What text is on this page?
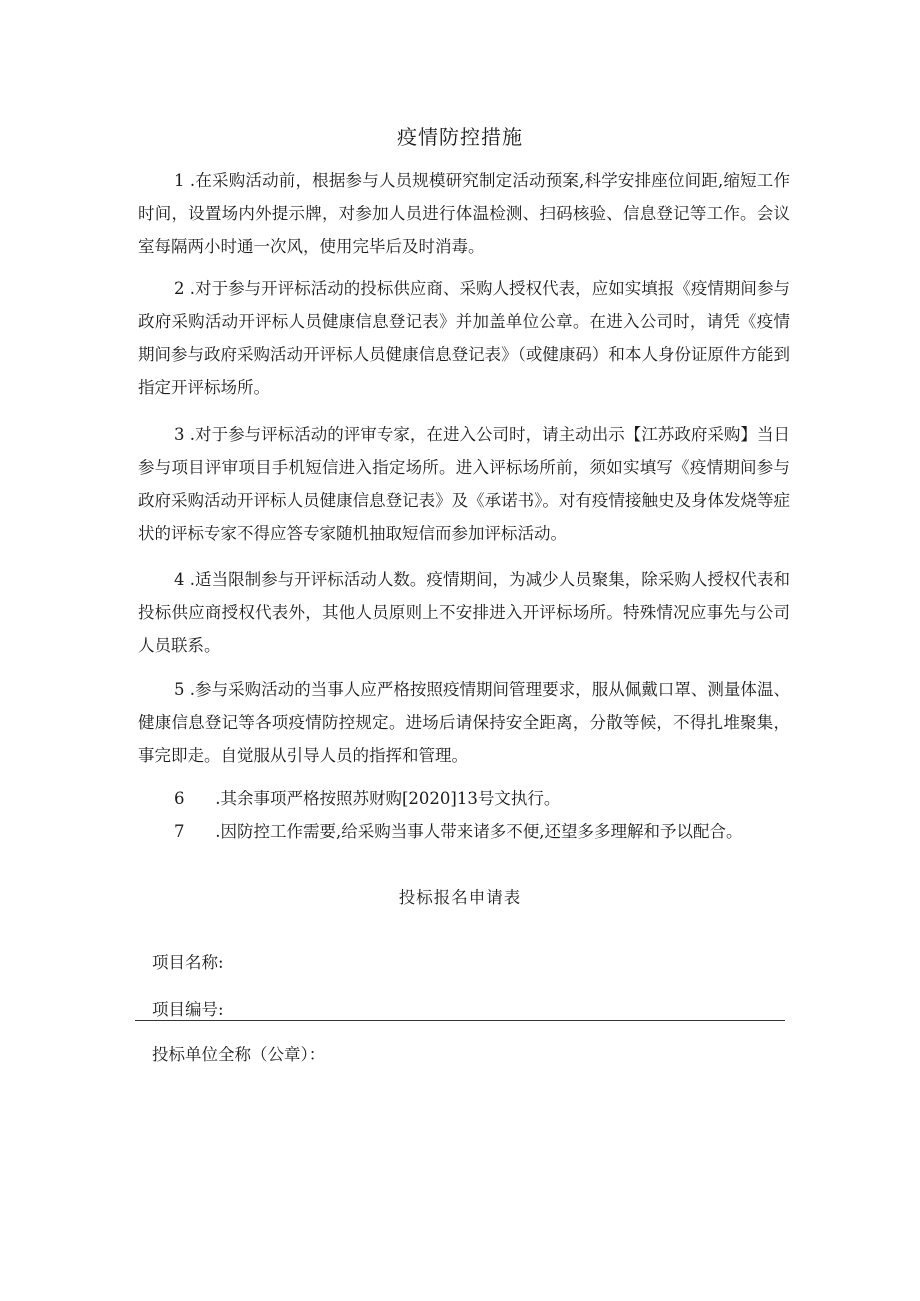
疫情防控措施

1 .在采购活动前，根据参与人员规模研究制定活动预案,科学安排座位间距,缩短工作时间，设置场内外提示牌，对参加人员进行体温检测、扫码核验、信息登记等工作。会议室每隔两小时通一次风，使用完毕后及时消毒。

2 .对于参与开评标活动的投标供应商、采购人授权代表，应如实填报《疫情期间参与政府采购活动开评标人员健康信息登记表》并加盖单位公章。在进入公司时，请凭《疫情期间参与政府采购活动开评标人员健康信息登记表》（或健康码）和本人身份证原件方能到指定开评标场所。

3 .对于参与评标活动的评审专家，在进入公司时，请主动出示【江苏政府采购】当日参与项目评审项目手机短信进入指定场所。进入评标场所前，须如实填写《疫情期间参与政府采购活动开评标人员健康信息登记表》及《承诺书》。对有疫情接触史及身体发烧等症状的评标专家不得应答专家随机抽取短信而参加评标活动。

4 .适当限制参与开评标活动人数。疫情期间，为减少人员聚集，除采购人授权代表和投标供应商授权代表外，其他人员原则上不安排进入开评标场所。特殊情况应事先与公司人员联系。

5 .参与采购活动的当事人应严格按照疫情期间管理要求，服从佩戴口罩、测量体温、健康信息登记等各项疫情防控规定。进场后请保持安全距离，分散等候，不得扎堆聚集，事完即走。自觉服从引导人员的指挥和管理。

6 .其余事项严格按照苏财购[2020]13号文执行。
7 .因防控工作需要,给采购当事人带来诸多不便,还望多多理解和予以配合。
投标报名申请表
项目名称:
项目编号:
投标单位全称（公章）：
